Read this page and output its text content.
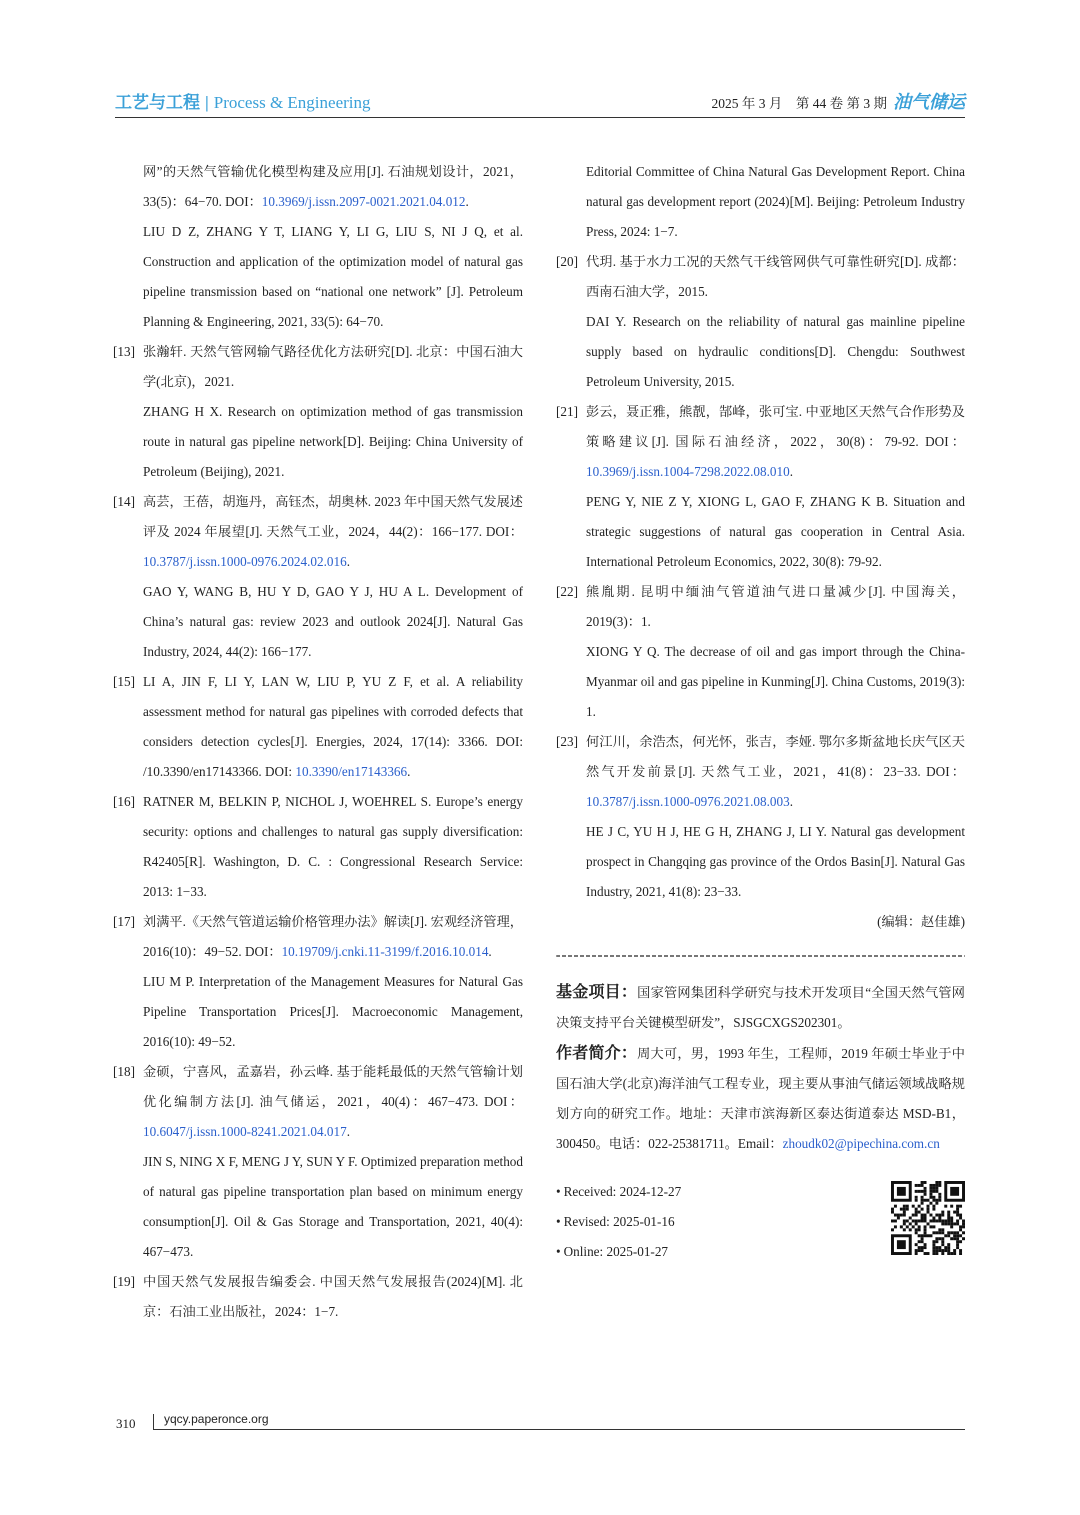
工艺与工程 | Process & Engineering	2025 年 3 月　第 44 卷 第 3 期 油气储运
网”的天然气管输优化模型构建及应用[J]. 石油规划设计，2021，33(5)：64−70. DOI：10.3969/j.issn.2097-0021.2021.04.012.
LIU D Z, ZHANG Y T, LIANG Y, LI G, LIU S, NI J Q, et al. Construction and application of the optimization model of natural gas pipeline transmission based on “national one network” [J]. Petroleum Planning & Engineering, 2021, 33(5): 64−70.
[13] 张瀚轩. 天然气管网输气路径优化方法研究[D]. 北京：中国石油大学(北京)，2021.
ZHANG H X. Research on optimization method of gas transmission route in natural gas pipeline network[D]. Beijing: China University of Petroleum (Beijing), 2021.
[14] 高芸，王蓓，胡迤丹，高钰杰，胡奥林. 2023 年中国天然气发展述评及 2024 年展望[J]. 天然气工业，2024，44(2)：166−177. DOI：10.3787/j.issn.1000-0976.2024.02.016.
GAO Y, WANG B, HU Y D, GAO Y J, HU A L. Development of China’s natural gas: review 2023 and outlook 2024[J]. Natural Gas Industry, 2024, 44(2): 166−177.
[15] LI A, JIN F, LI Y, LAN W, LIU P, YU Z F, et al. A reliability assessment method for natural gas pipelines with corroded defects that considers detection cycles[J]. Energies, 2024, 17(14): 3366. DOI: /10.3390/en17143366. DOI: 10.3390/en17143366.
[16] RATNER M, BELKIN P, NICHOL J, WOEHREL S. Europe’s energy security: options and challenges to natural gas supply diversification: R42405[R]. Washington, D. C. : Congressional Research Service: 2013: 1−33.
[17] 刘满平.《天然气管道运输价格管理办法》解读[J]. 宏观经济管理，2016(10)：49−52. DOI：10.19709/j.cnki.11-3199/f.2016.10.014.
LIU M P. Interpretation of the Management Measures for Natural Gas Pipeline Transportation Prices[J]. Macroeconomic Management, 2016(10): 49−52.
[18] 金硕，宁喜风，孟嘉岩，孙云峰. 基于能耗最低的天然气管输计划优化编制方法[J]. 油气储运，2021，40(4)：467−473. DOI：10.6047/j.issn.1000-8241.2021.04.017.
JIN S, NING X F, MENG J Y, SUN Y F. Optimized preparation method of natural gas pipeline transportation plan based on minimum energy consumption[J]. Oil & Gas Storage and Transportation, 2021, 40(4): 467−473.
[19] 中国天然气发展报告编委会. 中国天然气发展报告(2024)[M]. 北京：石油工业出版社，2024：1−7.
Editorial Committee of China Natural Gas Development Report. China natural gas development report (2024)[M]. Beijing: Petroleum Industry Press, 2024: 1−7.
[20] 代玥. 基于水力工况的天然气干线管网供气可靠性研究[D]. 成都：西南石油大学，2015.
DAI Y. Research on the reliability of natural gas mainline pipeline supply based on hydraulic conditions[D]. Chengdu: Southwest Petroleum University, 2015.
[21] 彭云，聂正雅，熊靓，郜峰，张可宝. 中亚地区天然气合作形势及策略建议[J]. 国际石油经济，2022，30(8)：79-92. DOI：10.3969/j.issn.1004-7298.2022.08.010.
PENG Y, NIE Z Y, XIONG L, GAO F, ZHANG K B. Situation and strategic suggestions of natural gas cooperation in Central Asia. International Petroleum Economics, 2022, 30(8): 79-92.
[22] 熊胤期. 昆明中缅油气管道油气进口量减少[J]. 中国海关，2019(3)：1.
XIONG Y Q. The decrease of oil and gas import through the China-Myanmar oil and gas pipeline in Kunming[J]. China Customs, 2019(3): 1.
[23] 何江川，余浩杰，何光怀，张吉，李娅. 鄂尔多斯盆地长庆气区天然气开发前景[J]. 天然气工业，2021，41(8)：23−33. DOI：10.3787/j.issn.1000-0976.2021.08.003.
HE J C, YU H J, HE G H, ZHANG J, LI Y. Natural gas development prospect in Changqing gas province of the Ordos Basin[J]. Natural Gas Industry, 2021, 41(8): 23−33.
(编辑：赵佳雄)
基金项目：国家管网集团科学研究与技术开发项目“全国天然气管网决策支持平台关键模型研发”，SJSGCXGS202301。
作者简介：周大可，男，1993 年生，工程师，2019 年硕士毕业于中国石油大学(北京)海洋油气工程专业，现主要从事油气储运领域战略规划方向的研究工作。地址：天津市滨海新区泰达街道泰达 MSD-B1，300450。电话：022-25381711。Email：zhoudk02@pipechina.com.cn
• Received: 2024-12-27
• Revised: 2025-01-16
• Online: 2025-01-27
310 yqcy.paperonce.org
